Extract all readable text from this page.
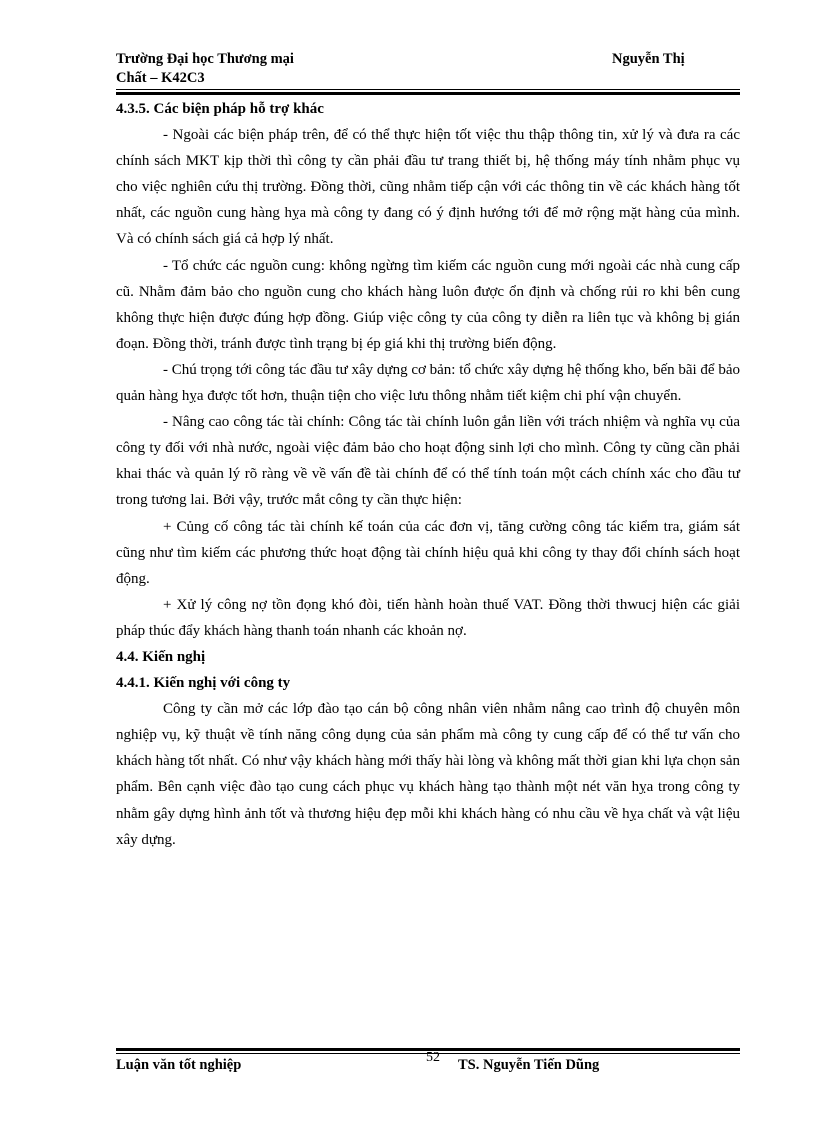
Trường Đại học Thương mại	Nguyễn Thị
Chất – K42C3

4.3.5. Các biện pháp hỗ trợ khác

- Ngoài các biện pháp trên, để có thể thực hiện tốt việc thu thập thông tin, xử lý và đưa ra các chính sách MKT kịp thời thì công ty cần phải đầu tư trang thiết bị, hệ thống máy tính nhằm phục vụ cho việc nghiên cứu thị trường. Đồng thời, cũng nhằm tiếp cận với các thông tin về các khách hàng tốt nhất, các nguồn cung hàng hỵa mà công ty đang có ý định hướng tới để mở rộng mặt hàng của mình. Và có chính sách giá cả hợp lý nhất.

- Tổ chức các nguồn cung: không ngừng tìm kiếm các nguồn cung mới ngoài các nhà cung cấp cũ. Nhằm đảm bảo cho nguồn cung cho khách hàng luôn được ổn định và chống rủi ro khi bên cung không thực hiện được đúng hợp đồng. Giúp việc công ty của công ty diễn ra liên tục và không bị gián đoạn. Đồng thời, tránh được tình trạng bị ép giá khi thị trường biến động.

- Chú trọng tới công tác đầu tư xây dựng cơ bản: tổ chức xây dựng hệ thống kho, bến bãi để bảo quản hàng hỵa được tốt hơn, thuận tiện cho việc lưu thông nhằm tiết kiệm chi phí vận chuyển.

- Nâng cao công tác tài chính: Công tác tài chính luôn gắn liền với trách nhiệm và nghĩa vụ của công ty đối với nhà nước, ngoài việc đảm bảo cho hoạt động sinh lợi cho mình. Công ty cũng cần phải khai thác và quản lý rõ ràng về về vấn đề tài chính để có thể tính toán một cách chính xác cho đầu tư trong tương lai. Bởi vậy, trước mắt công ty cần thực hiện:

+ Củng cố công tác tài chính kế toán của các đơn vị, tăng cường công tác kiểm tra, giám sát cũng như tìm kiếm các phương thức hoạt động tài chính hiệu quả khi công ty thay đổi chính sách hoạt động.

+ Xử lý công nợ tồn đọng khó đòi, tiến hành hoàn thuế VAT. Đồng thời thwucj hiện các giải pháp thúc đẩy khách hàng thanh toán nhanh các khoản nợ.

4.4. Kiến nghị

4.4.1. Kiến nghị với công ty

Công ty cần mở các lớp đào tạo cán bộ công nhân viên nhằm nâng cao trình độ chuyên môn nghiệp vụ, kỹ thuật về tính năng công dụng của sản phẩm mà công ty cung cấp để có thể tư vấn cho khách hàng tốt nhất. Có như vậy khách hàng mới thấy hài lòng và không mất thời gian khi lựa chọn sản phẩm. Bên cạnh việc đào tạo cung cách phục vụ khách hàng tạo thành một nét văn hỵa trong công ty nhằm gây dựng hình ảnh tốt và thương hiệu đẹp mỗi khi khách hàng có nhu cầu về hỵa chất và vật liệu xây dựng.

52
Luận văn tốt nghiệp	TS. Nguyễn Tiến Dũng
